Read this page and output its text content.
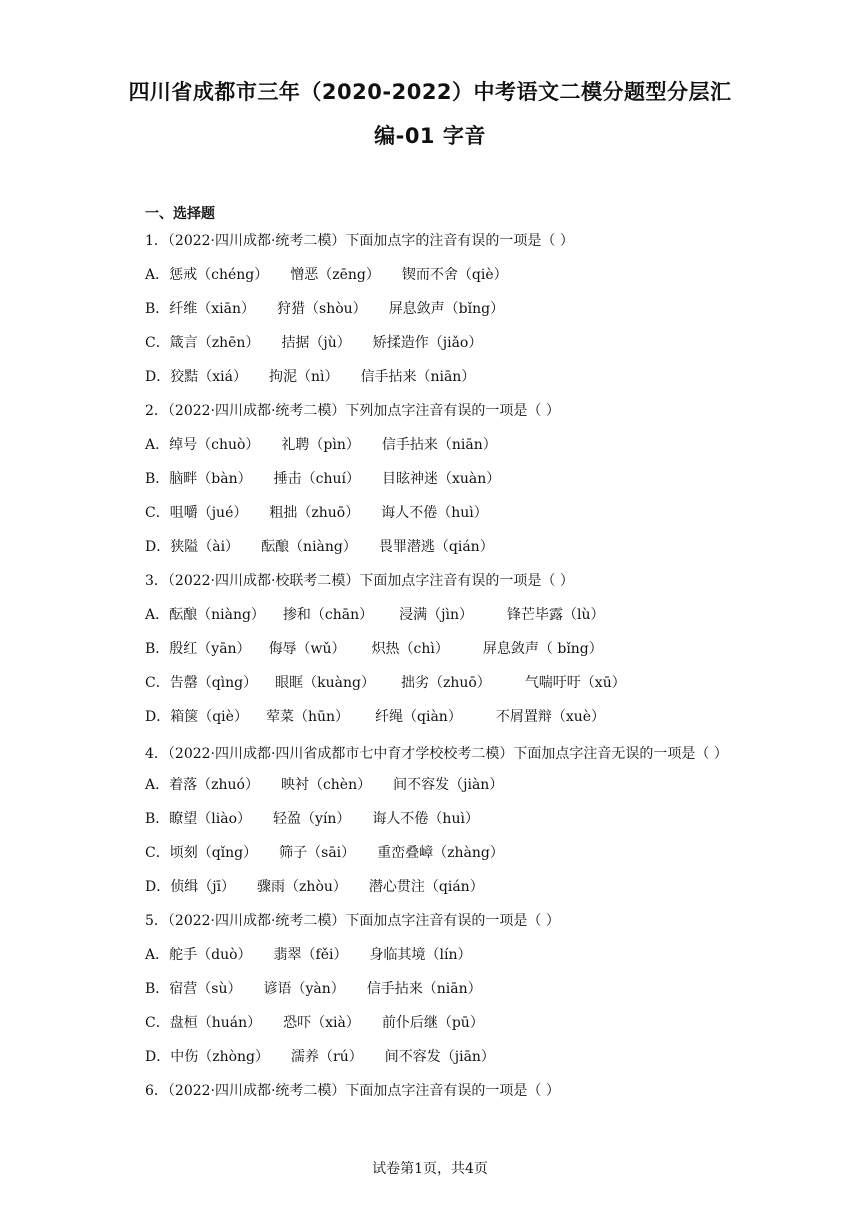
四川省成都市三年（2020-2022）中考语文二模分题型分层汇
编-01 字音
一、选择题
1．（2022·四川成都·统考二模）下面加点字的注音有误的一项是（ ）
A．惩戒（chéng） 憎恶（zēng） 锲而不舍（qiè）
B．纤维（xiān） 狩猎（shòu） 屏息敛声（bǐng）
C．箴言（zhēn） 拮据（jù） 矫揉造作（jiǎo）
D．狡黠（xiá） 拘泥（nì） 信手拈来（niān）
2．（2022·四川成都·统考二模）下列加点字注音有误的一项是（ ）
A．绰号（chuò） 礼聘（pìn） 信手拈来（niān）
B．脑畔（bàn） 捶击（chuí） 目眩神迷（xuàn）
C．咀嚼（jué） 粗拙（zhuō） 诲人不倦（huì）
D．狭隘（ài） 酝酿（niàng） 畏罪潜逃（qián）
3．（2022·四川成都·校联考二模）下面加点字注音有误的一项是（ ）
A．酝酿（niàng） 掺和（chān） 浸满（jìn） 锋芒毕露（lù）
B．殷红（yān） 侮辱（wǔ） 炽热（chì） 屏息敛声（ bǐng）
C．告罄（qìng） 眼眶（kuàng） 拙劣（zhuō） 气喘吁吁（xū）
D．箱箧（qiè） 荤菜（hūn） 纤绳（qiàn） 不屑置辩（xuè）
4．（2022·四川成都·四川省成都市七中育才学校校考二模）下面加点字注音无误的一项是（ ）
A．着落（zhuó） 映衬（chèn） 间不容发（jiàn）
B．瞭望（liào） 轻盈（yín） 诲人不倦（huì）
C．顷刻（qǐng） 筛子（sāi） 重峦叠嶂（zhàng）
D．侦缉（jī） 骤雨（zhòu） 潜心贯注（qián）
5．（2022·四川成都·统考二模）下面加点字注音有误的一项是（ ）
A．舵手（duò） 翡翠（fěi） 身临其境（lín）
B．宿营（sù） 谚语（yàn） 信手拈来（niān）
C．盘桓（huán） 恐吓（xià） 前仆后继（pū）
D．中伤（zhòng） 濡养（rú） 间不容发（jiān）
6．（2022·四川成都·统考二模）下面加点字注音有误的一项是（ ）
试卷第1页，共4页
